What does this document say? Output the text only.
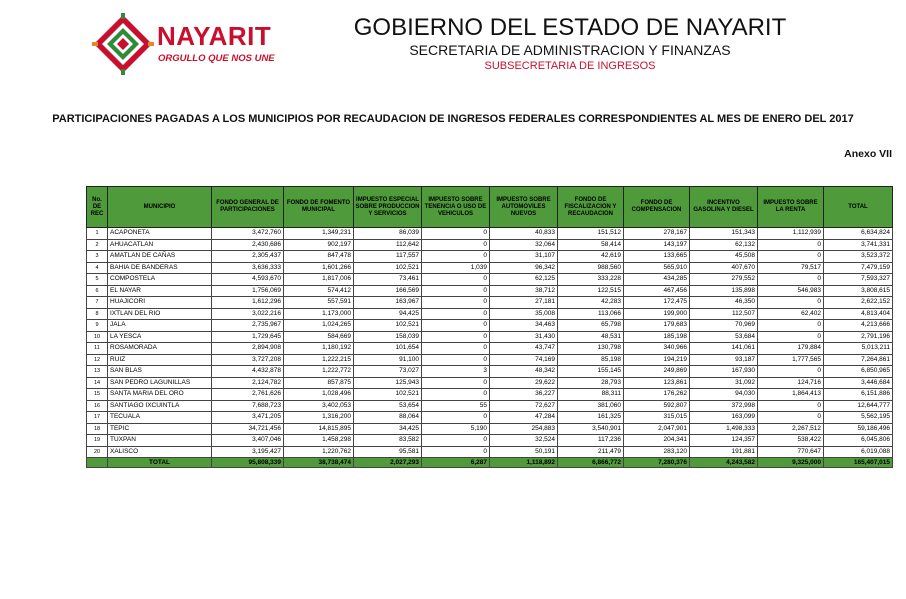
NAYARIT
ORGULLO QUE NOS UNE
GOBIERNO DEL ESTADO DE NAYARIT
SECRETARIA DE ADMINISTRACION Y FINANZAS
SUBSECRETARIA DE INGRESOS
PARTICIPACIONES PAGADAS A LOS MUNICIPIOS POR RECAUDACION DE INGRESOS FEDERALES CORRESPONDIENTES AL MES DE ENERO DEL 2017
Anexo VII
No. DE REC	MUNICIPIO	FONDO GENERAL DE PARTICIPACIONES	FONDO DE FOMENTO MUNICIPAL	IMPUESTO ESPECIAL SOBRE PRODUCCION Y SERVICIOS	IMPUESTO SOBRE TENENCIA O USO DE VEHICULOS	IMPUESTO SOBRE AUTOMOVILES NUEVOS	FONDO DE FISCALIZACION Y RECAUDACION	FONDO DE COMPENSACION	INCENTIVO GASOLINA Y DIESEL	IMPUESTO SOBRE LA RENTA	TOTAL
1	ACAPONETA	3,472,760	1,349,231	86,039	0	40,833	151,512	278,167	151,343	1,112,939	6,634,824
2	AHUACATLAN	2,430,686	902,197	112,642	0	32,064	58,414	143,197	62,132	0	3,741,331
3	AMATLAN DE CAÑAS	2,305,437	847,478	117,557	0	31,107	42,619	133,665	45,508	0	3,523,372
4	BAHIA DE BANDERAS	3,636,333	1,601,266	102,521	1,039	96,342	988,560	565,910	407,670	79,517	7,479,159
5	COMPOSTELA	4,593,670	1,817,006	73,461	0	62,125	333,228	434,285	279,552	0	7,593,327
6	EL NAYAR	1,756,069	574,412	166,569	0	38,712	122,515	467,456	135,898	546,983	3,808,615
7	HUAJICORI	1,612,296	557,591	163,967	0	27,181	42,283	172,475	46,350	0	2,622,152
8	IXTLAN DEL RIO	3,022,216	1,173,000	94,425	0	35,008	113,066	199,900	112,507	62,402	4,813,404
9	JALA	2,735,967	1,024,265	102,521	0	34,463	65,798	179,683	70,969	0	4,213,666
10	LA YESCA	1,729,645	584,669	158,039	0	31,430	48,531	185,198	53,684	0	2,791,196
11	ROSAMORADA	2,894,908	1,180,192	101,654	0	43,747	130,798	340,966	141,061	179,884	5,013,211
12	RUIZ	3,727,208	1,222,215	91,100	0	74,169	85,198	194,219	93,187	1,777,565	7,264,861
13	SAN BLAS	4,432,878	1,222,772	73,027	3	48,342	155,145	249,869	167,930	0	6,850,965
14	SAN PEDRO LAGUNILLAS	2,124,782	857,875	125,943	0	29,622	28,793	123,861	31,092	124,716	3,446,684
15	SANTA MARIA DEL ORO	2,761,626	1,028,496	102,521	0	36,227	88,311	176,262	94,030	1,864,413	6,151,886
16	SANTIAGO IXCUINTLA	7,688,723	3,402,053	53,654	55	72,627	381,060	592,807	372,998	0	12,644,777
17	TECUALA	3,471,205	1,316,200	88,064	0	47,284	161,325	315,015	163,099	0	5,562,195
18	TEPIC	34,721,456	14,815,895	34,425	5,190	254,883	3,540,901	2,047,901	1,498,333	2,267,512	59,186,496
19	TUXPAN	3,407,046	1,458,298	83,582	0	32,524	117,236	204,341	124,357	538,422	6,045,806
20	XALISCO	3,195,427	1,220,762	95,581	0	50,191	211,479	283,120	191,881	770,647	6,019,088
	TOTAL	95,808,339	38,738,474	2,027,293	6,287	1,118,892	6,866,772	7,280,376	4,243,582	9,325,000	165,407,015
